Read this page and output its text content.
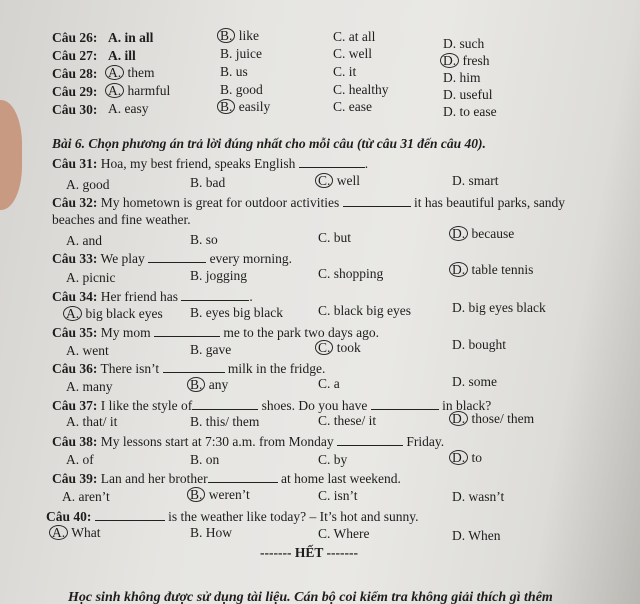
Câu 26: A. in all	B. like	C. at all	D. such
Câu 27: A. ill	B. juice	C. well	D. fresh
Câu 28: A. them	B. us	C. it	D. him
Câu 29: A. harmful	B. good	C. healthy	D. useful
Câu 30: A. easy	B. easily	C. ease	D. to ease
Bài 6. Chọn phương án trả lời đúng nhất cho mỗi câu (từ câu 31 đến câu 40).
Câu 31: Hoa, my best friend, speaks English	.
A. good	B. bad	C. well	D. smart
Câu 32: My hometown is great for outdoor activities	it has beautiful parks, sandy
beaches and fine weather.
A. and	B. so	C. but	D. because
Câu 33: We play	every morning.
A. picnic	B. jogging	C. shopping	D. table tennis
Câu 34: Her friend has	.
A. big black eyes B. eyes big black	C. black big eyes	D. big eyes black
Câu 35: My mom	me to the park two days ago.
A. went	B. gave	C. took	D. bought
Câu 36: There isn’t	milk in the fridge.
A. many	B. any	C. a	D. some
Câu 37: I like the style of	shoes. Do you have	in black?
A. that/ it	B. this/ them	C. these/ it	D. those/ them
Câu 38: My lessons start at 7:30 a.m. from Monday	Friday.
A. of	B. on	C. by	D. to
Câu 39: Lan and her brother	at home last weekend.
A. aren’t	B. weren’t	C. isn’t	D. wasn’t
Câu 40:	is the weather like today? – It’s hot and sunny.
A. What	B. How	C. Where	D. When
------- HẾT -------
Học sinh không được sử dụng tài liệu. Cán bộ coi kiểm tra không giải thích gì thêm
